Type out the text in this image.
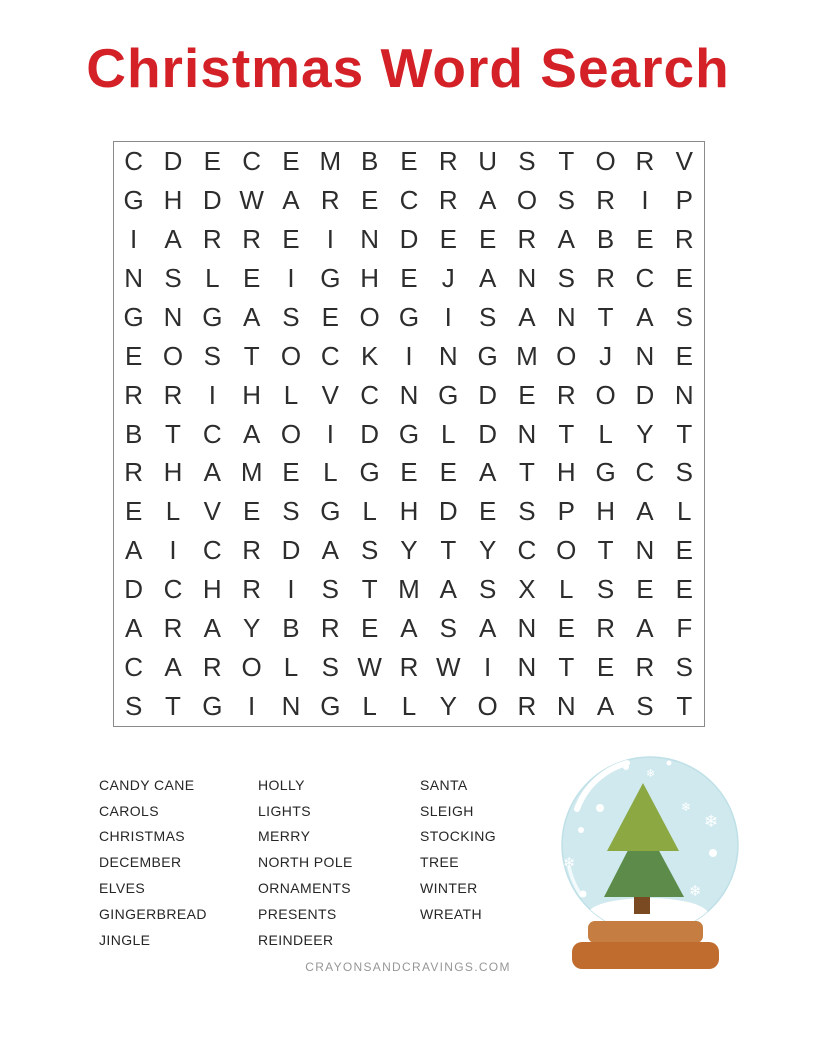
Christmas Word Search
C D E C E M B E R U S T O R V
G H D W A R E C R A O S R	I	P
I	A R R E	I	N D E E R A B E R
N S L E	I G H E J A N S R C E
G N G A S E O G I	S A N T A S
E O S T O C K	I	N G M O J N E
R R	I	H L V C N G D E R O D N
B T C A O I	D G L D N T L Y T
R H A M E L G E E A T H G C S
E L V E S G L H D E S P H A L
A	I	C R D A S Y T Y C O T N E
D C H R	I	S T M A S X L S E E
A R A Y B R E A S A N E R A F
C A R O L S W R W I	N T E R S
S T G I	N G L L Y O R N A S T
CANDY CANE
CAROLS
CHRISTMAS
DECEMBER
ELVES
GINGERBREAD
JINGLE
HOLLY
LIGHTS
MERRY
NORTH POLE
ORNAMENTS
PRESENTS
REINDEER
SANTA
SLEIGH
STOCKING
TREE
WINTER
WREATH
❄
❄
❄
❄
❄
CRAYONSANDCRAVINGS.COM
